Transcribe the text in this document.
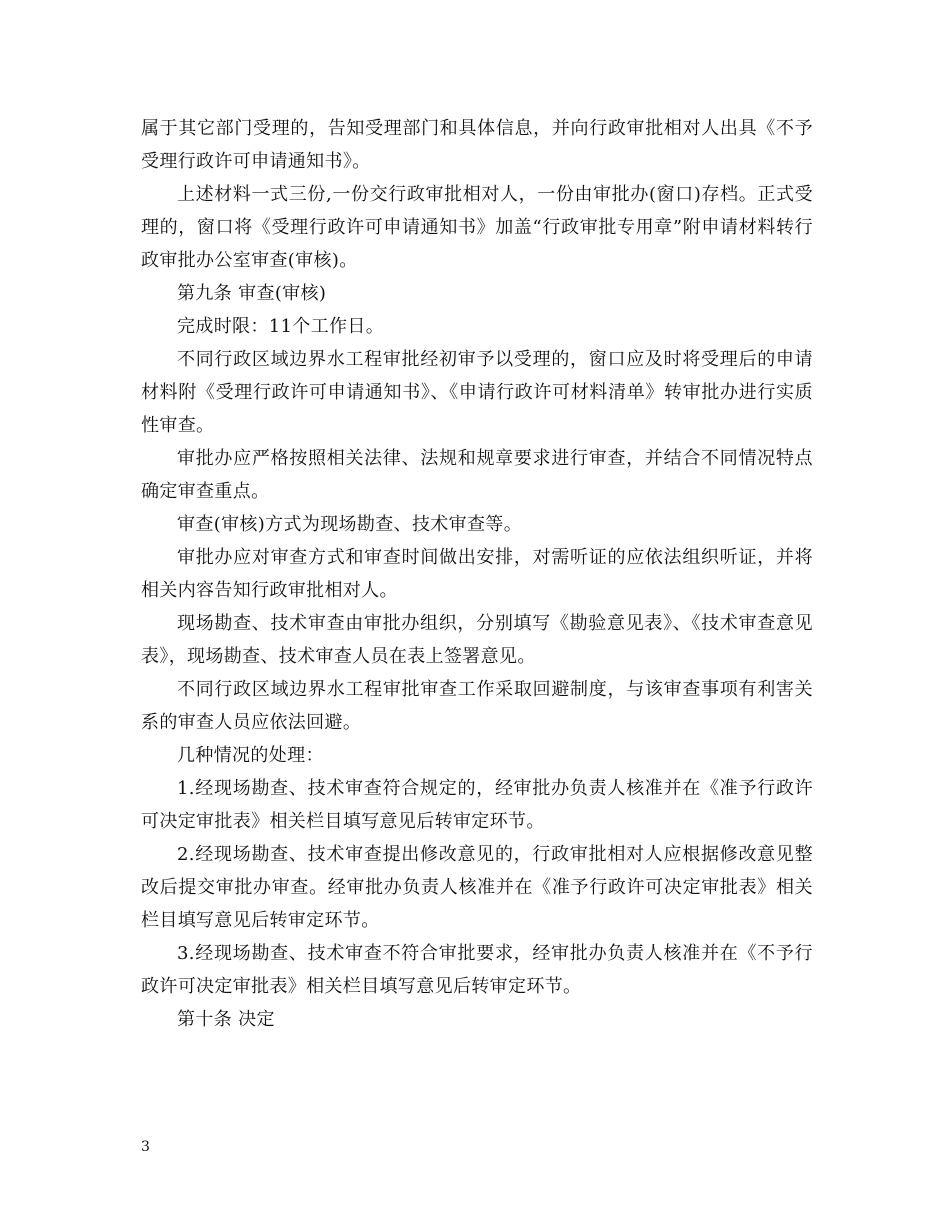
属于其它部门受理的，告知受理部门和具体信息，并向行政审批相对人出具《不予受理行政许可申请通知书》。

上述材料一式三份,一份交行政审批相对人，一份由审批办(窗口)存档。正式受理的，窗口将《受理行政许可申请通知书》加盖“行政审批专用章”附申请材料转行政审批办公室审查(审核)。

第九条 审查(审核)

完成时限：11个工作日。

不同行政区域边界水工程审批经初审予以受理的，窗口应及时将受理后的申请材料附《受理行政许可申请通知书》、《申请行政许可材料清单》转审批办进行实质性审查。

审批办应严格按照相关法律、法规和规章要求进行审查，并结合不同情况特点确定审查重点。

审查(审核)方式为现场勘查、技术审查等。

审批办应对审查方式和审查时间做出安排，对需听证的应依法组织听证，并将相关内容告知行政审批相对人。

现场勘查、技术审查由审批办组织，分别填写《勘验意见表》、《技术审查意见表》，现场勘查、技术审查人员在表上签署意见。

不同行政区域边界水工程审批审查工作采取回避制度，与该审查事项有利害关系的审查人员应依法回避。

几种情况的处理：

1.经现场勘查、技术审查符合规定的，经审批办负责人核准并在《准予行政许可决定审批表》相关栏目填写意见后转审定环节。

2.经现场勘查、技术审查提出修改意见的，行政审批相对人应根据修改意见整改后提交审批办审查。经审批办负责人核准并在《准予行政许可决定审批表》相关栏目填写意见后转审定环节。

3.经现场勘查、技术审查不符合审批要求，经审批办负责人核准并在《不予行政许可决定审批表》相关栏目填写意见后转审定环节。

第十条 决定

3
